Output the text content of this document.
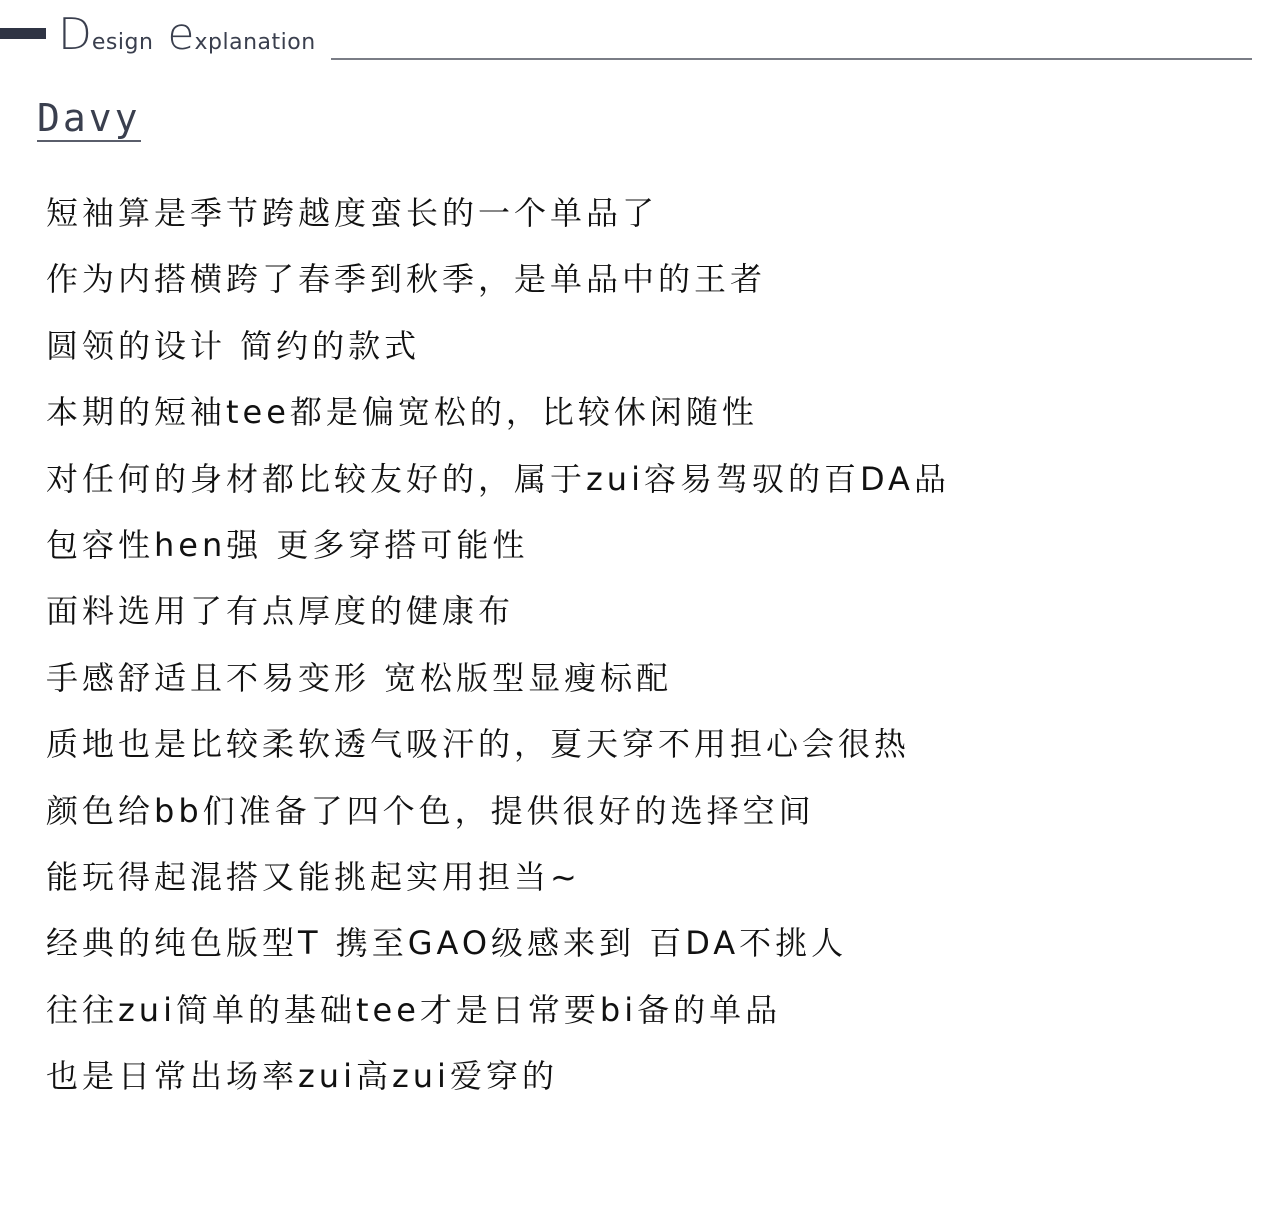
Design explanation
Davy
短袖算是季节跨越度蛮长的一个单品了
作为内搭横跨了春季到秋季，是单品中的王者
圆领的设计 简约的款式
本期的短袖tee都是偏宽松的，比较休闲随性
对任何的身材都比较友好的，属于zui容易驾驭的百DA品
包容性hen强 更多穿搭可能性
面料选用了有点厚度的健康布
手感舒适且不易变形 宽松版型显瘦标配
质地也是比较柔软透气吸汗的，夏天穿不用担心会很热
颜色给bb们准备了四个色，提供很好的选择空间
能玩得起混搭又能挑起实用担当~
经典的纯色版型T 携至GAO级感来到 百DA不挑人
往往zui简单的基础tee才是日常要bi备的单品
也是日常出场率zui高zui爱穿的
